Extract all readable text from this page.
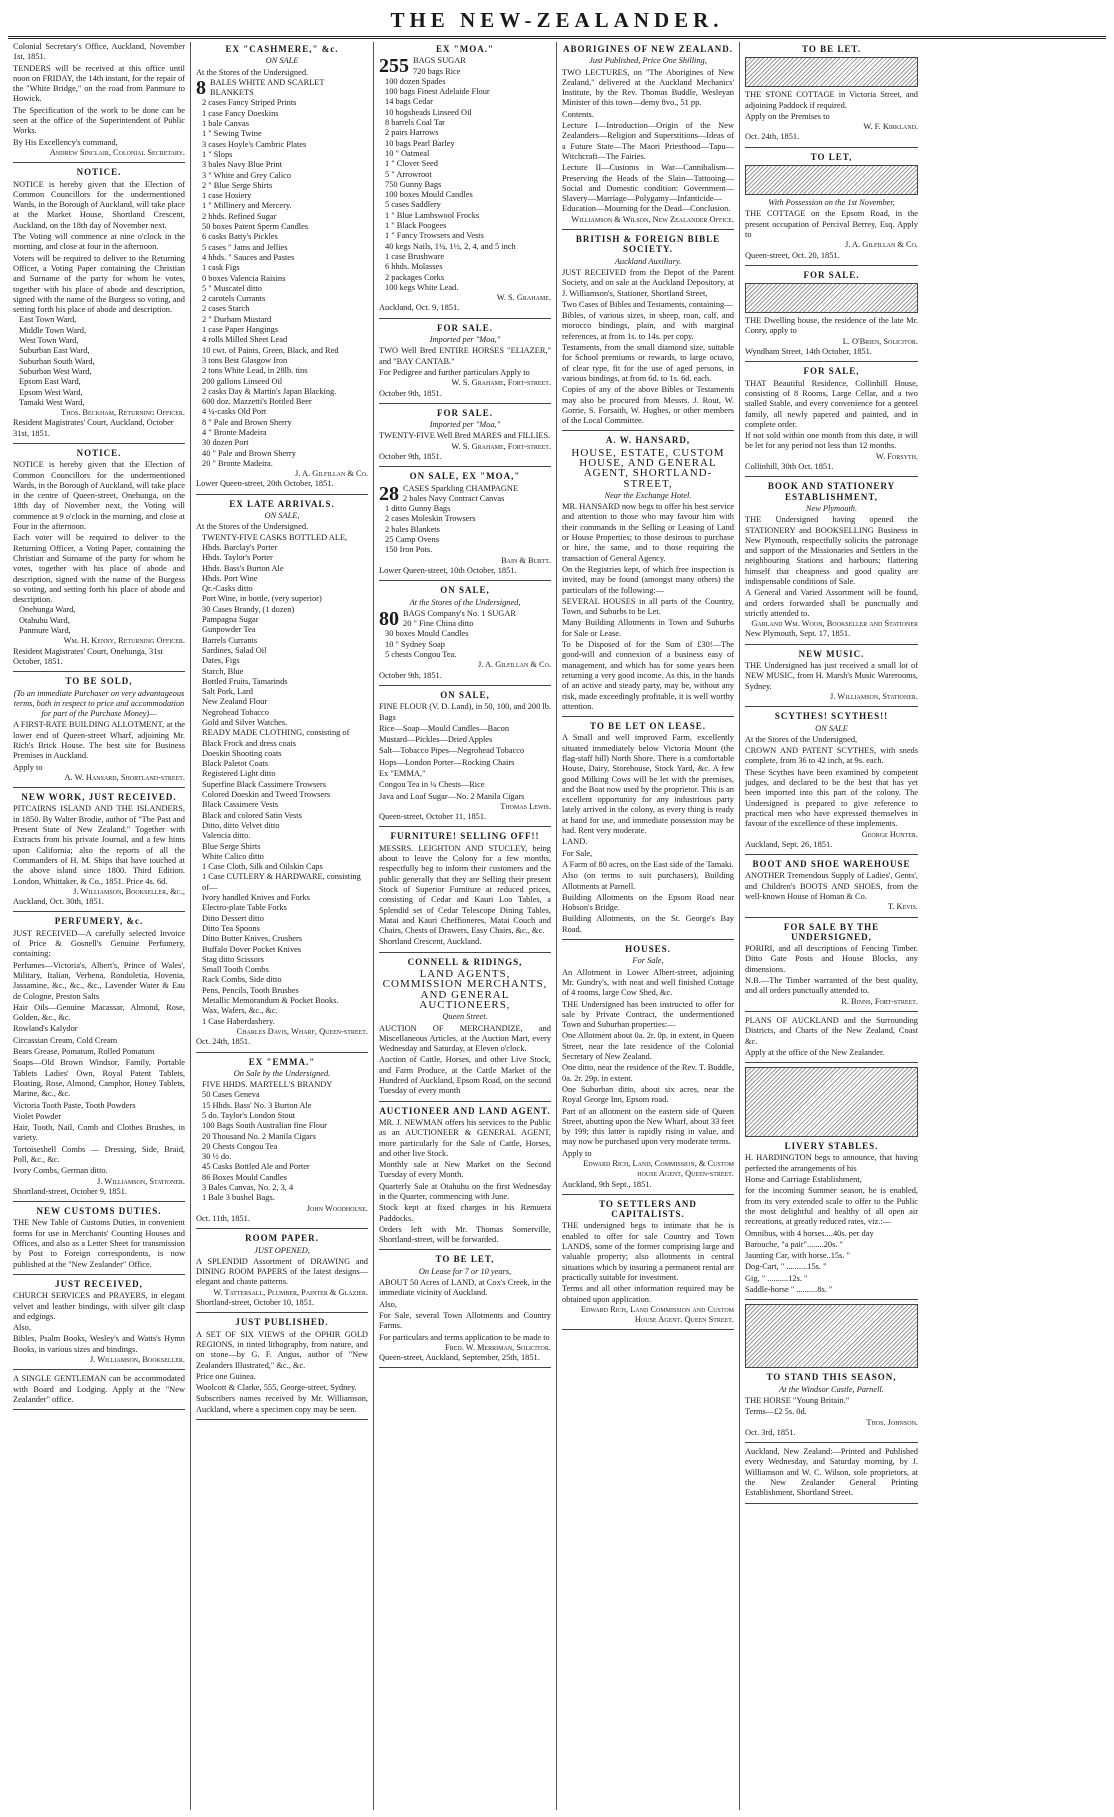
THE NEW-ZEALANDER.

Colonial Secretary's Office, Auckland, November 1st, 1851.

TENDERS will be received at this office until noon on FRIDAY, the 14th instant, for the repair of the "White Bridge," on the road from Panmure to Howick.

The Specification of the work to be done can be seen at the office of the Superintendent of Public Works.

By His Excellency's command,

Andrew Sinclair, Colonial Secretary.
NOTICE.

NOTICE is hereby given that the Election of Common Councillors for the undermentioned Wards, in the Borough of Auckland, will take place at the Market House, Shortland Crescent, Auckland, on the 18th day of November next.

The Voting will commence at nine o'clock in the morning, and close at four in the afternoon.

Voters will be required to deliver to the Returning Officer, a Voting Paper containing the Christian and Surname of the party for whom he votes, together with his place of abode and description, signed with the name of the Burgess so voting, and setting forth his place of abode and description.

East Town Ward,
Middle Town Ward,
West Town Ward,
Suburban East Ward,
Suburban South Ward,
Suburban West Ward,
Epsom East Ward,
Epsom West Ward,
Tamaki West Ward,
Thos. Beckham, Returning Officer.
Resident Magistrates' Court, Auckland, October 31st, 1851.
NOTICE.

NOTICE is hereby given that the Election of Common Councillors for the undermentioned Wards, in the Borough of Auckland, will take place in the centre of Queen-street, Onehunga, on the 18th day of November next, the Voting will commence at 9 o'clock in the morning, and close at Four in the afternoon.

Each voter will be required to deliver to the Returning Officer, a Voting Paper, containing the Christian and Surname of the party for whom he votes, together with his place of abode and description, signed with the name of the Burgess so voting, and setting forth his place of abode and description.

Onehunga Ward,
Otahuhu Ward,
Panmure Ward,
Wm. H. Kenny, Returning Officer.
Resident Magistrates' Court, Onehunga, 31st October, 1851.
TO BE SOLD,
(To an immediate Purchaser on very advantageous terms, both in respect to price and accommodation for part of the Purchase Money)—

A FIRST-RATE BUILDING ALLOTMENT, at the lower end of Queen-street Wharf, adjoining Mr. Rich's Brick House. The best site for Business Premises in Auckland.

Apply to

A. W. Hansard, Shortland-street.
NEW WORK, JUST RECEIVED.

PITCAIRNS ISLAND AND THE ISLANDERS, in 1850. By Walter Brodie, author of "The Past and Present State of New Zealand." Together with Extracts from his private Journal, and a few hints upon California; also the reports of all the Commanders of H. M. Ships that have touched at the above island since 1800. Third Edition. London, Whittaker, & Co., 1851. Price 4s. 6d.

J. Williamson, Bookseller, &c.,
Auckland, Oct. 30th, 1851.
PERFUMERY, &c.

JUST RECEIVED—A carefully selected Invoice of Price & Gosnell's Genuine Perfumery, containing:

Perfumes—Victoria's, Albert's, Prince of Wales', Military, Italian, Verbena, Rondoletia, Hovenia, Jassamine, &c., &c., &c., Lavender Water & Eau de Cologne, Preston Salts

Hair Oils—Genuine Macassar, Almond, Rose, Golden, &c., &c.

Rowland's Kalydor

Circassian Cream, Cold Cream

Bears Grease, Pomatum, Rolled Pomatum

Soaps—Old Brown Windsor, Family, Portable Tablets Ladies' Own, Royal Patent Tablets, Floating, Rose, Almond, Camphor, Honey Tablets, Marine, &c., &c.

Victoria Tooth Paste, Tooth Powders

Violet Powder

Hair, Tooth, Nail, Comb and Clothes Brushes, in variety.

Tortoiseshell Combs — Dressing, Side, Braid, Poll, &c., &c.

Ivory Combs, German ditto.

J. Williamson, Stationer.
Shortland-street, October 9, 1851.
NEW CUSTOMS DUTIES.

THE New Table of Customs Duties, in convenient forms for use in Merchants' Counting Houses and Offices, and also as a Letter Sheet for transmission by Post to Foreign correspondents, is now published at the "New Zealander" Office.

JUST RECEIVED,

CHURCH SERVICES and PRAYERS, in elegant velvet and leather bindings, with silver gilt clasp and edgings.

Also,

Bibles, Psalm Books, Wesley's and Watts's Hymn Books, in various sizes and bindings.

J. Williamson, Bookseller.

A SINGLE GENTLEMAN can be accommodated with Board and Lodging. Apply at the "New Zealander" office.

EX "CASHMERE," &c.
ON SALE

At the Stores of the Undersigned.

8 BALES WHITE AND SCARLET BLANKETS
2 cases Fancy Striped Prints
1 case Fancy Doeskins
1 bale Canvas
1 " Sewing Twine
3 cases Hoyle's Cambric Plates
1 " Slops
3 bales Navy Blue Print
3 " White and Grey Calico
2 " Blue Serge Shirts
1 case Hosiery
1 " Millinery and Mercery.
2 hhds. Refined Sugar
50 boxes Patent Sperm Candles
6 casks Batty's Pickles
5 cases " Jams and Jellies
4 hhds. " Sauces and Pastes
1 cask Figs
0 boxes Valencia Raisins
5 " Muscatel ditto
2 carotels Currants
2 cases Starch
2 " Durham Mustard
1 case Paper Hangings
4 rolls Milled Sheet Lead
10 cwt. of Paints, Green, Black, and Red
3 tons Best Glasgow Iron
2 tons White Lead, in 28lb. tins
200 gallons Linseed Oil
2 casks Day & Martin's Japan Blacking.
600 doz. Mazzetti's Bottled Beer
4 ¼-casks Old Port
8 " Pale and Brown Sherry
4 " Bronte Madeira
30 dozen Port
40 " Pale and Brown Sherry
20 " Bronte Madeira.
J. A. Gilfillan & Co.
Lower Queen-street, 20th October, 1851.
EX LATE ARRIVALS.
ON SALE,

At the Stores of the Undersigned.

TWENTY-FIVE CASKS BOTTLED ALE,
Hhds. Barclay's Porter
Hhds. Taylor's Porter
Hhds. Bass's Burton Ale
Hhds. Port Wine
Qr.-Casks ditto
Port Wine, in bottle, (very superior)
30 Cases Brandy, (1 dozen)
Pampagna Sugar
Gunpowder Tea
Barrels Currants
Sardines, Salad Oil
Dates, Figs
Starch, Blue
Bottled Fruits, Tamarinds
Salt Pork, Lard
New Zealand Flour
Negrohead Tobacco
Gold and Silver Watches.
READY MADE CLOTHING, consisting of
Black Frock and dress coats
Doeskin Shooting coats
Black Paletot Coats
Registered Light ditto
Superfine Black Cassimere Trowsers
Colored Doeskin and Tweed Trowsers
Black Cassimere Vests
Black and colored Satin Vests
Ditto, ditto Velvet ditto
Valencia ditto.
Blue Serge Shirts
White Calico ditto
1 Case Cloth, Silk and Oilskin Caps
1 Case CUTLERY & HARDWARE, consisting of—
Ivory handled Knives and Forks
Electro-plate Table Forks
Ditto Dessert ditto
Ditto Tea Spoons
Ditto Butter Knives, Crushers
Buffalo Dover Pocket Knives
Stag ditto Scissors
Small Tooth Combs
Rack Combs, Side ditto
Pens, Pencils, Tooth Brushes
Metallic Memorandum & Pocket Books.
Wax, Wafers, &c., &c.
1 Case Haberdashery.
Charles Davis, Wharf, Queen-street.
Oct. 24th, 1851.
EX "EMMA."
On Sale by the Undersigned.
FIVE HHDS. MARTELL'S BRANDY
50 Cases Geneva
15 Hhds. Bass' No. 3 Burton Ale
5 do. Taylor's London Stout
100 Bags South Australian fine Flour
20 Thousand No. 2 Manila Cigars
20 Chests Congou Tea
30 ½ do.
45 Casks Bottled Ale and Porter
86 Boxes Mould Candles
3 Bales Canvas, No. 2, 3, 4
1 Bale 3 bushel Bags.
John Woodhouse.
Oct. 11th, 1851.
ROOM PAPER.
JUST OPENED,

A SPLENDID Assortment of DRAWING and DINING ROOM PAPERS of the latest designs—elegant and chaste patterns.

W. Tattersall, Plumber, Painter & Glazier.
Shortland-street, October 10, 1851.
JUST PUBLISHED.

A SET OF SIX VIEWS of the OPHIR GOLD REGIONS, in tinted lithography, from nature, and on stone—by G. F. Angus, author of "New Zealanders Illustrated," &c., &c.

Price one Guinea.

Woolcott & Clarke, 555, George-street, Sydney.

Subscribers names received by Mr. Williamson, Auckland, where a specimen copy may be seen.

EX "MOA."
255 BAGS SUGAR
720 bags Rice
100 dozen Spades
100 bags Finest Adelaide Flour
14 bags Cedar
10 hogsheads Linseed Oil
8 barrels Coal Tar
2 pairs Harrows
10 bags Pearl Barley
10 " Oatmeal
1 " Clover Seed
5 " Arrowroot
750 Gunny Bags
100 boxes Mould Candles
5 cases Saddlery
1 " Blue Lambswool Frocks
1 " Black Poogees
1 " Fancy Trowsers and Vests
40 kegs Nails, 1¼, 1½, 2, 4, and 5 inch
1 case Brushware
6 hhds. Molasses
2 packages Corks
100 kegs White Lead.
W. S. Grahame.
Auckland, Oct. 9, 1851.
FOR SALE.
Imported per "Moa,"

TWO Well Bred ENTIRE HORSES "ELIAZER," and "BAY CANTAB."

For Pedigree and further particulars Apply to

W. S. Grahame, Fort-street.
October 9th, 1851.
FOR SALE.
Imported per "Moa,"

TWENTY-FIVE Well Bred MARES and FILLIES.

W. S. Grahame, Fort-street.
October 9th, 1851.
ON SALE, EX "MOA,"
28 CASES Sparkling CHAMPAGNE
2 bales Navy Contract Canvas
1 ditto Gunny Bags
2 cases Moleskin Trowsers
2 bales Blankets
25 Camp Ovens
150 Iron Pots.
Bain & Burtt.
Lower Queen-street, 10th October, 1851.
ON SALE,
At the Stores of the Undersigned,
80 BAGS Company's No. 1 SUGAR
20 " Fine China ditto
30 boxes Mould Candles
10 " Sydney Soap
5 chests Congou Tea.
J. A. Gilfillan & Co.
October 9th, 1851.
ON SALE,

FINE FLOUR (V. D. Land), in 50, 100, and 200 lb. Bags

Rice—Soap—Mould Candles—Bacon

Mustard—Pickles—Dried Apples

Salt—Tobacco Pipes—Negrohead Tobacco

Hops—London Porter—Rocking Chairs

Ex "EMMA,"

Congou Tea in ¼ Chests—Rice

Java and Loaf Sugar—No. 2 Manila Cigars

Thomas Lewis.
Queen-street, October 11, 1851.
FURNITURE! SELLING OFF!!

MESSRS. LEIGHTON AND STUCLEY, being about to leave the Colony for a few months, respectfully beg to inform their customers and the public generally that they are Selling their present Stock of Superior Furniture at reduced prices, consisting of Cedar and Kauri Loo Tables, a Splendid set of Cedar Telescope Dining Tables, Matai and Kauri Cheffioneres, Matai Couch and Chairs, Chests of Drawers, Easy Chairs, &c., &c.

Shortland Crescent, Auckland.

CONNELL & RIDINGS,
LAND AGENTS, COMMISSION MERCHANTS, AND GENERAL AUCTIONEERS,
Queen Street.

AUCTION OF MERCHANDIZE, and Miscellaneous Articles, at the Auction Mart, every Wednesday and Saturday, at Eleven o'clock.

Auction of Cattle, Horses, and other Live Stock, and Farm Produce, at the Cattle Market of the Hundred of Auckland, Epsom Road, on the second Tuesday of every month

AUCTIONEER AND LAND AGENT.

MR. J. NEWMAN offers his services to the Public as an AUCTIONEER & GENERAL AGENT, more particularly for the Sale of Cattle, Horses, and other live Stock.

Monthly sale at New Market on the Second Tuesday of every Month.

Quarterly Sale at Otahuhu on the first Wednesday in the Quarter, commencing with June.

Stock kept at fixed charges in his Remuera Paddocks.

Orders left with Mr. Thomas Somerville, Shortland-street, will be forwarded.

TO BE LET,
On Lease for 7 or 10 years,

ABOUT 50 Acres of LAND, at Cox's Creek, in the immediate vicinity of Auckland.

Also,

For Sale, several Town Allotments and Country Farms.

For particulars and terms application to be made to

Fred. W. Merriman, Solicitor.
Queen-street, Auckland, September, 25th, 1851.
ABORIGINES OF NEW ZEALAND.
Just Published, Price One Shilling,

TWO LECTURES, on "The Aborigines of New Zealand," delivered at the Auckland Mechanics' Institute, by the Rev. Thomas Buddle, Wesleyan Minister of this town—demy 8vo., 51 pp.

Contents.

Lecture I—Introduction—Origin of the New Zealanders—Religion and Superstitions—Ideas of a Future State—The Maori Priesthood—Tapu—Witchcraft—The Fairies.

Lecture II—Customs in War—Cannibalism—Preserving the Heads of the Slain—Tattooing—Social and Domestic condition: Government—Slavery—Marriage—Polygamy—Infanticide—Education—Mourning for the Dead—Conclusion.

Williamson & Wilson, New Zealander Office.
BRITISH & FOREIGN BIBLE SOCIETY.
Auckland Auxiliary.

JUST RECEIVED from the Depot of the Parent Society, and on sale at the Auckland Depository, at J. Williamson's, Stationer, Shortland Street,

Two Cases of Bibles and Testaments, containing—

Bibles, of various sizes, in sheep, roan, calf, and morocco bindings, plain, and with marginal references, at from 1s. to 14s. per copy.

Testaments, from the small diamond size, suitable for School premiums or rewards, to large octavo, of clear type, fit for the use of aged persons, in various bindings, at from 6d. to 1s. 6d. each.

Copies of any of the above Bibles or Testaments may also be procured from Messrs. J. Rout, W. Gorrie, S. Forsaith, W. Hughes, or other members of the Local Committee.

A. W. HANSARD,
HOUSE, ESTATE, CUSTOM HOUSE, AND GENERAL AGENT, SHORTLAND-STREET,
Near the Exchange Hotel.

MR. HANSARD now begs to offer his best service and attention to those who may favour him with their commands in the Selling or Leasing of Land or House Properties; to those desirous to purchase or hire, the same, and to those requiring the transaction of General Agency.

On the Registries kept, of which free inspection is invited, may be found (amongst many others) the particulars of the following:—

SEVERAL HOUSES in all parts of the Country, Town, and Suburbs to be Let.

Many Building Allotments in Town and Suburbs for Sale or Lease.

To be Disposed of for the Sum of £30!—The good-will and connexion of a business easy of management, and which has for some years been returning a very good income. As this, in the hands of an active and steady party, may be, without any risk, made exceedingly profitable, it is well worthy attention.

TO BE LET ON LEASE.

A Small and well improved Farm, excellently situated immediately below Victoria Mount (the flag-staff hill) North Shore. There is a comfortable House, Dairy, Storehouse, Stock Yard, &c. A few good Milking Cows will be let with the premises, and the Boat now used by the proprietor. This is an excellent opportunity for any industrious party lately arrived in the colony, as every thing is ready at hand for use, and immediate possession may be had. Rent very moderate.

LAND.

For Sale,

A Farm of 80 acres, on the East side of the Tamaki.

Also (on terms to suit purchasers), Building Allotments at Parnell.

Building Allotments on the Epsom Road near Hobson's Bridge.

Building Allotments, on the St. George's Bay Road.

HOUSES.
For Sale,

An Allotment in Lower Albert-street, adjoining Mr. Gundry's, with neat and well finished Cottage of 4 rooms, large Cow Shed, &c.

THE Undersigned has been instructed to offer for sale by Private Contract, the undermentioned Town and Suburban properties:—

One Allotment about 0a. 2r. 0p. in extent, in Queen Street, near the late residence of the Colonial Secretary of New Zealand.

One ditto, near the residence of the Rev. T. Buddle, 0a. 2r. 29p. in extent.

One Suburban ditto, about six acres, near the Royal George Inn, Epsom road.

Part of an allotment on the eastern side of Queen Street, abutting upon the New Wharf, about 33 feet by 199; this latter is rapidly rising in value, and may now be purchased upon very moderate terms.

Apply to

Edward Rich, Land, Commission, & Custom house Agent, Queen-street.
Auckland, 9th Sept., 1851.
TO SETTLERS AND CAPITALISTS.

THE undersigned begs to intimate that he is enabled to offer for sale Country and Town LANDS, some of the former comprising large and valuable property; also allotments in central situations which by insuring a permanent rental are practically suitable for investment.

Terms and all other information required may be obtained upon application.

Edward Rich, Land Commission and Custom House Agent. Queen Street.
TO BE LET.

THE STONE COTTAGE in Victoria Street, and adjoining Paddock if required.

Apply on the Premises to

W. F. Kirkland.
Oct. 24th, 1851.
TO LET,
With Possession on the 1st November,

THE COTTAGE on the Epsom Road, in the present occupation of Percival Berrey, Esq. Apply to

J. A. Gilfillan & Co.
Queen-street, Oct. 20, 1851.
FOR SALE.

THE Dwelling house, the residence of the late Mr. Conry, apply to

L. O'Brien, Solicitor.
Wyndham Street, 14th October, 1851.
FOR SALE,

THAT Beautiful Residence, Collinhill House, consisting of 8 Rooms, Large Cellar, and a two stalled Stable, and every convenience for a genteel family, all newly papered and painted, and in complete order.

If not sold within one month from this date, it will be let for any period not less than 12 months.

W. Forsyth.
Collinhill, 30th Oct. 1851.
BOOK AND STATIONERY ESTABLISHMENT,
New Plymouth.

THE Undersigned having opened the STATIONERY and BOOKSELLING Business in New Plymouth, respectfully solicits the patronage and support of the Missionaries and Settlers in the neighbouring Stations and harbours; flattering himself that cheapness and good quality are indispensable conditions of Sale.

A General and Varied Assortment will be found, and orders forwarded shall be punctually and strictly attended to.

Garland Wm. Woon, Bookseller and Stationer
New Plymouth, Sept. 17, 1851.
NEW MUSIC.

THE Undersigned has just received a small lot of NEW MUSIC, from H. Marsh's Music Warerooms, Sydney.

J. Williamson, Stationer.
SCYTHES! SCYTHES!!
ON SALE

At the Stores of the Undersigned,

CROWN AND PATENT SCYTHES, with sneds complete, from 36 to 42 inch, at 9s. each.

These Scythes have been examined by competent judges, and declared to be the best that has yet been imported into this part of the colony. The Undersigned is prepared to give reference to practical men who have expressed themselves in favour of the excellence of these implements.

George Hunter.
Auckland, Sept. 26, 1851.
BOOT AND SHOE WAREHOUSE

ANOTHER Tremendous Supply of Ladies', Gents', and Children's BOOTS AND SHOES, from the well-known House of Homan & Co.

T. Kevis.
FOR SALE BY THE UNDERSIGNED,

PORIRI, and all descriptions of Fencing Timber. Ditto Gate Posts and House Blocks, any dimensions.

N.B.—The Timber warranted of the best quality, and all orders punctually attended to.

R. Binns, Fort-street.

PLANS OF AUCKLAND and the Surrounding Districts, and Charts of the New Zealand, Coast &c.

Apply at the office of the New Zealander.

LIVERY STABLES.

H. HARDINGTON begs to announce, that having perfected the arrangements of his

Horse and Carriage Establishment,

for the incoming Summer season, he is enabled, from its very extended scale to offer to the Public the most delightful and healthy of all open air recreations, at greatly reduced rates, viz.:—

Omnibus, with 4 horses....40s. per day

Barouche, "a pair"........20s. "

Jaunting Car, with horse..15s. "

Dog-Cart, " ..........15s. "

Gig, " ..........12s. "

Saddle-horse " ..........8s. "

TO STAND THIS SEASON,
At the Windsor Castle, Parnell.

THE HORSE "Young Britain."

Terms—£2 5s. 0d.

Thos. Johnson.
Oct. 3rd, 1851.

Auckland, New Zealand:—Printed and Published every Wednesday, and Saturday morning, by J. Williamson and W. C. Wilson, sole proprietors, at the New Zealander General Printing Establishment, Shortland Street.
